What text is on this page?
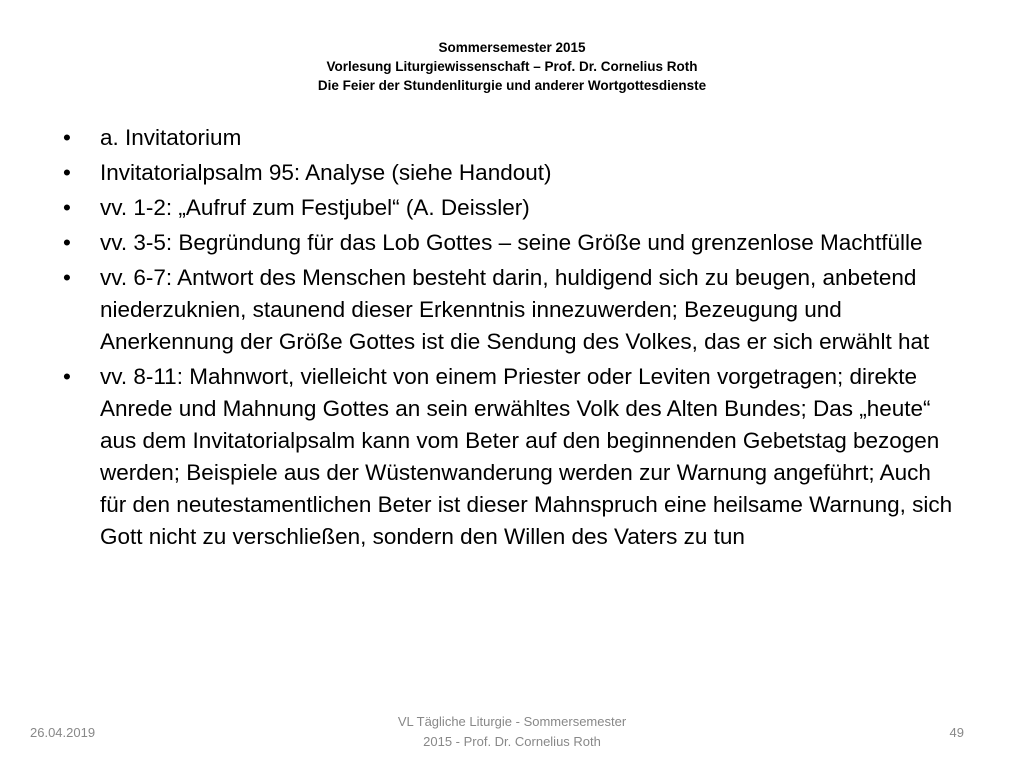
Sommersemester 2015
Vorlesung Liturgiewissenschaft – Prof. Dr. Cornelius Roth
Die Feier der Stundenliturgie und anderer Wortgottesdienste
• a. Invitatorium
• Invitatorialpsalm 95: Analyse (siehe Handout)
• vv. 1-2: „Aufruf zum Festjubel“ (A. Deissler)
• vv. 3-5: Begründung für das Lob Gottes – seine Größe und grenzenlose Machtfülle
• vv. 6-7: Antwort des Menschen besteht darin, huldigend sich zu beugen, anbetend niederzuknien, staunend dieser Erkenntnis innezuwerden; Bezeugung und Anerkennung der Größe Gottes ist die Sendung des Volkes, das er sich erwählt hat
• vv. 8-11: Mahnwort, vielleicht von einem Priester oder Leviten vorgetragen; direkte Anrede und Mahnung Gottes an sein erwähltes Volk des Alten Bundes; Das „heute“ aus dem Invitatorialpsalm kann vom Beter auf den beginnenden Gebetstag bezogen werden; Beispiele aus der Wüstenwanderung werden zur Warnung angeführt; Auch für den neutestamentlichen Beter ist dieser Mahnspruch eine heilsame Warnung, sich Gott nicht zu verschließen, sondern den Willen des Vaters zu tun
26.04.2019
VL Tägliche Liturgie - Sommersemester
2015 - Prof. Dr. Cornelius Roth
49
